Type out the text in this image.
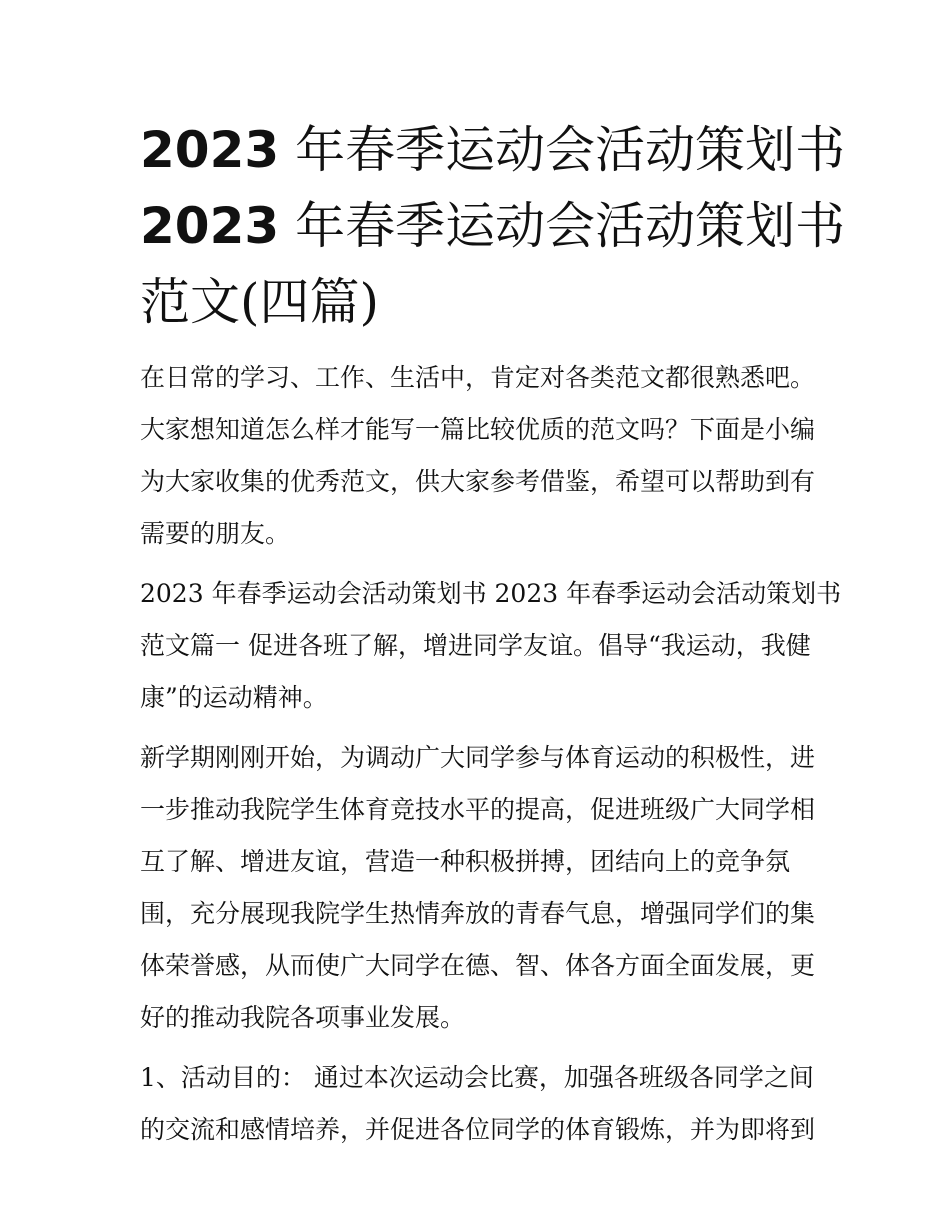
2023 年春季运动会活动策划书
2023 年春季运动会活动策划书
范文(四篇)

在日常的学习、工作、生活中，肯定对各类范文都很熟悉吧。
大家想知道怎么样才能写一篇比较优质的范文吗？下面是小编
为大家收集的优秀范文，供大家参考借鉴，希望可以帮助到有
需要的朋友。

2023 年春季运动会活动策划书 2023 年春季运动会活动策划书
范文篇一 促进各班了解，增进同学友谊。倡导“我运动，我健
康”的运动精神。

新学期刚刚开始，为调动广大同学参与体育运动的积极性，进
一步推动我院学生体育竞技水平的提高，促进班级广大同学相
互了解、增进友谊，营造一种积极拼搏，团结向上的竞争氛
围，充分展现我院学生热情奔放的青春气息，增强同学们的集
体荣誉感，从而使广大同学在德、智、体各方面全面发展，更
好的推动我院各项事业发展。

1、活动目的： 通过本次运动会比赛，加强各班级各同学之间
的交流和感情培养，并促进各位同学的体育锻炼，并为即将到
